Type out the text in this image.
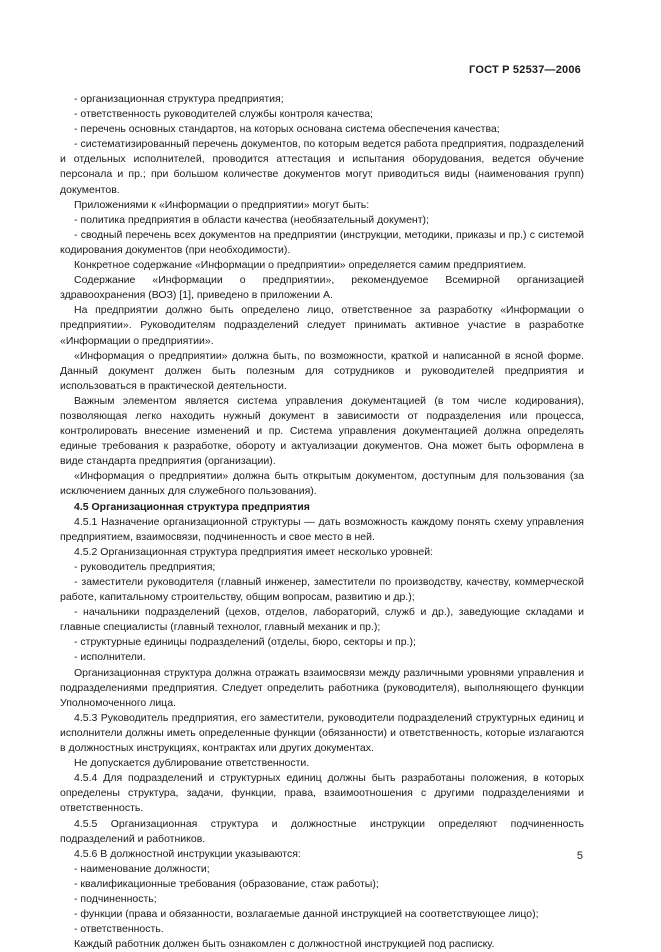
ГОСТ Р 52537—2006

- организационная структура предприятия;

- ответственность руководителей службы контроля качества;

- перечень основных стандартов, на которых основана система обеспечения качества;

- систематизированный перечень документов, по которым ведется работа предприятия, подразделений и отдельных исполнителей, проводится аттестация и испытания оборудования, ведется обучение персонала и пр.; при большом количестве документов могут приводиться виды (наименования групп) документов.

Приложениями к «Информации о предприятии» могут быть:

- политика предприятия в области качества (необязательный документ);

- сводный перечень всех документов на предприятии (инструкции, методики, приказы и пр.) с системой кодирования документов (при необходимости).

Конкретное содержание «Информации о предприятии» определяется самим предприятием.

Содержание «Информации о предприятии», рекомендуемое Всемирной организацией здравоохранения (ВОЗ) [1], приведено в приложении А.

На предприятии должно быть определено лицо, ответственное за разработку «Информации о предприятии». Руководителям подразделений следует принимать активное участие в разработке «Информации о предприятии».

«Информация о предприятии» должна быть, по возможности, краткой и написанной в ясной форме. Данный документ должен быть полезным для сотрудников и руководителей предприятия и использоваться в практической деятельности.

Важным элементом является система управления документацией (в том числе кодирования), позволяющая легко находить нужный документ в зависимости от подразделения или процесса, контролировать внесение изменений и пр. Система управления документацией должна определять единые требования к разработке, обороту и актуализации документов. Она может быть оформлена в виде стандарта предприятия (организации).

«Информация о предприятии» должна быть открытым документом, доступным для пользования (за исключением данных для служебного пользования).

4.5 Организационная структура предприятия

4.5.1 Назначение организационной структуры — дать возможность каждому понять схему управления предприятием, взаимосвязи, подчиненность и свое место в ней.

4.5.2 Организационная структура предприятия имеет несколько уровней:

- руководитель предприятия;

- заместители руководителя (главный инженер, заместители по производству, качеству, коммерческой работе, капитальному строительству, общим вопросам, развитию и др.);

- начальники подразделений (цехов, отделов, лабораторий, служб и др.), заведующие складами и главные специалисты (главный технолог, главный механик и пр.);

- структурные единицы подразделений (отделы, бюро, секторы и пр.);

- исполнители.

Организационная структура должна отражать взаимосвязи между различными уровнями управления и подразделениями предприятия. Следует определить работника (руководителя), выполняющего функции Уполномоченного лица.

4.5.3 Руководитель предприятия, его заместители, руководители подразделений структурных единиц и исполнители должны иметь определенные функции (обязанности) и ответственность, которые излагаются в должностных инструкциях, контрактах или других документах.

Не допускается дублирование ответственности.

4.5.4 Для подразделений и структурных единиц должны быть разработаны положения, в которых определены структура, задачи, функции, права, взаимоотношения с другими подразделениями и ответственность.

4.5.5 Организационная структура и должностные инструкции определяют подчиненность подразделений и работников.

4.5.6 В должностной инструкции указываются:

- наименование должности;

- квалификационные требования (образование, стаж работы);

- подчиненность;

- функции (права и обязанности, возлагаемые данной инструкцией на соответствующее лицо);

- ответственность.

Каждый работник должен быть ознакомлен с должностной инструкцией под расписку.

5
